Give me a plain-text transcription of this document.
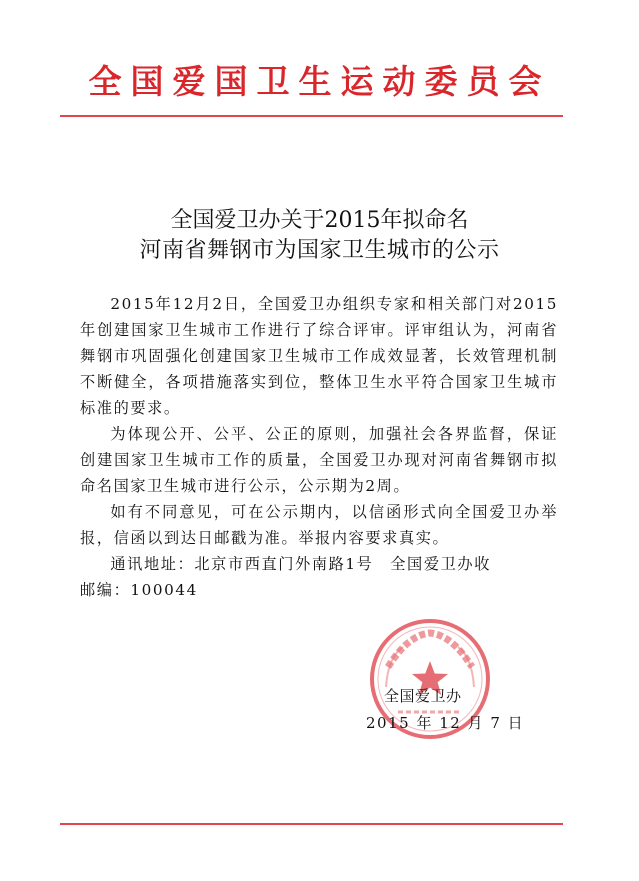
全国爱国卫生运动委员会
全国爱卫办关于2015年拟命名
河南省舞钢市为国家卫生城市的公示

2015年12月2日，全国爱卫办组织专家和相关部门对2015年创建国家卫生城市工作进行了综合评审。评审组认为，河南省舞钢市巩固强化创建国家卫生城市工作成效显著，长效管理机制不断健全，各项措施落实到位，整体卫生水平符合国家卫生城市标准的要求。

为体现公开、公平、公正的原则，加强社会各界监督，保证创建国家卫生城市工作的质量，全国爱卫办现对河南省舞钢市拟命名国家卫生城市进行公示，公示期为2周。

如有不同意见，可在公示期内，以信函形式向全国爱卫办举报，信函以到达日邮戳为准。举报内容要求真实。

通讯地址：北京市西直门外南路1号　全国爱卫办收

邮编：100044

全国爱卫办
2015 年 12 月 7 日
